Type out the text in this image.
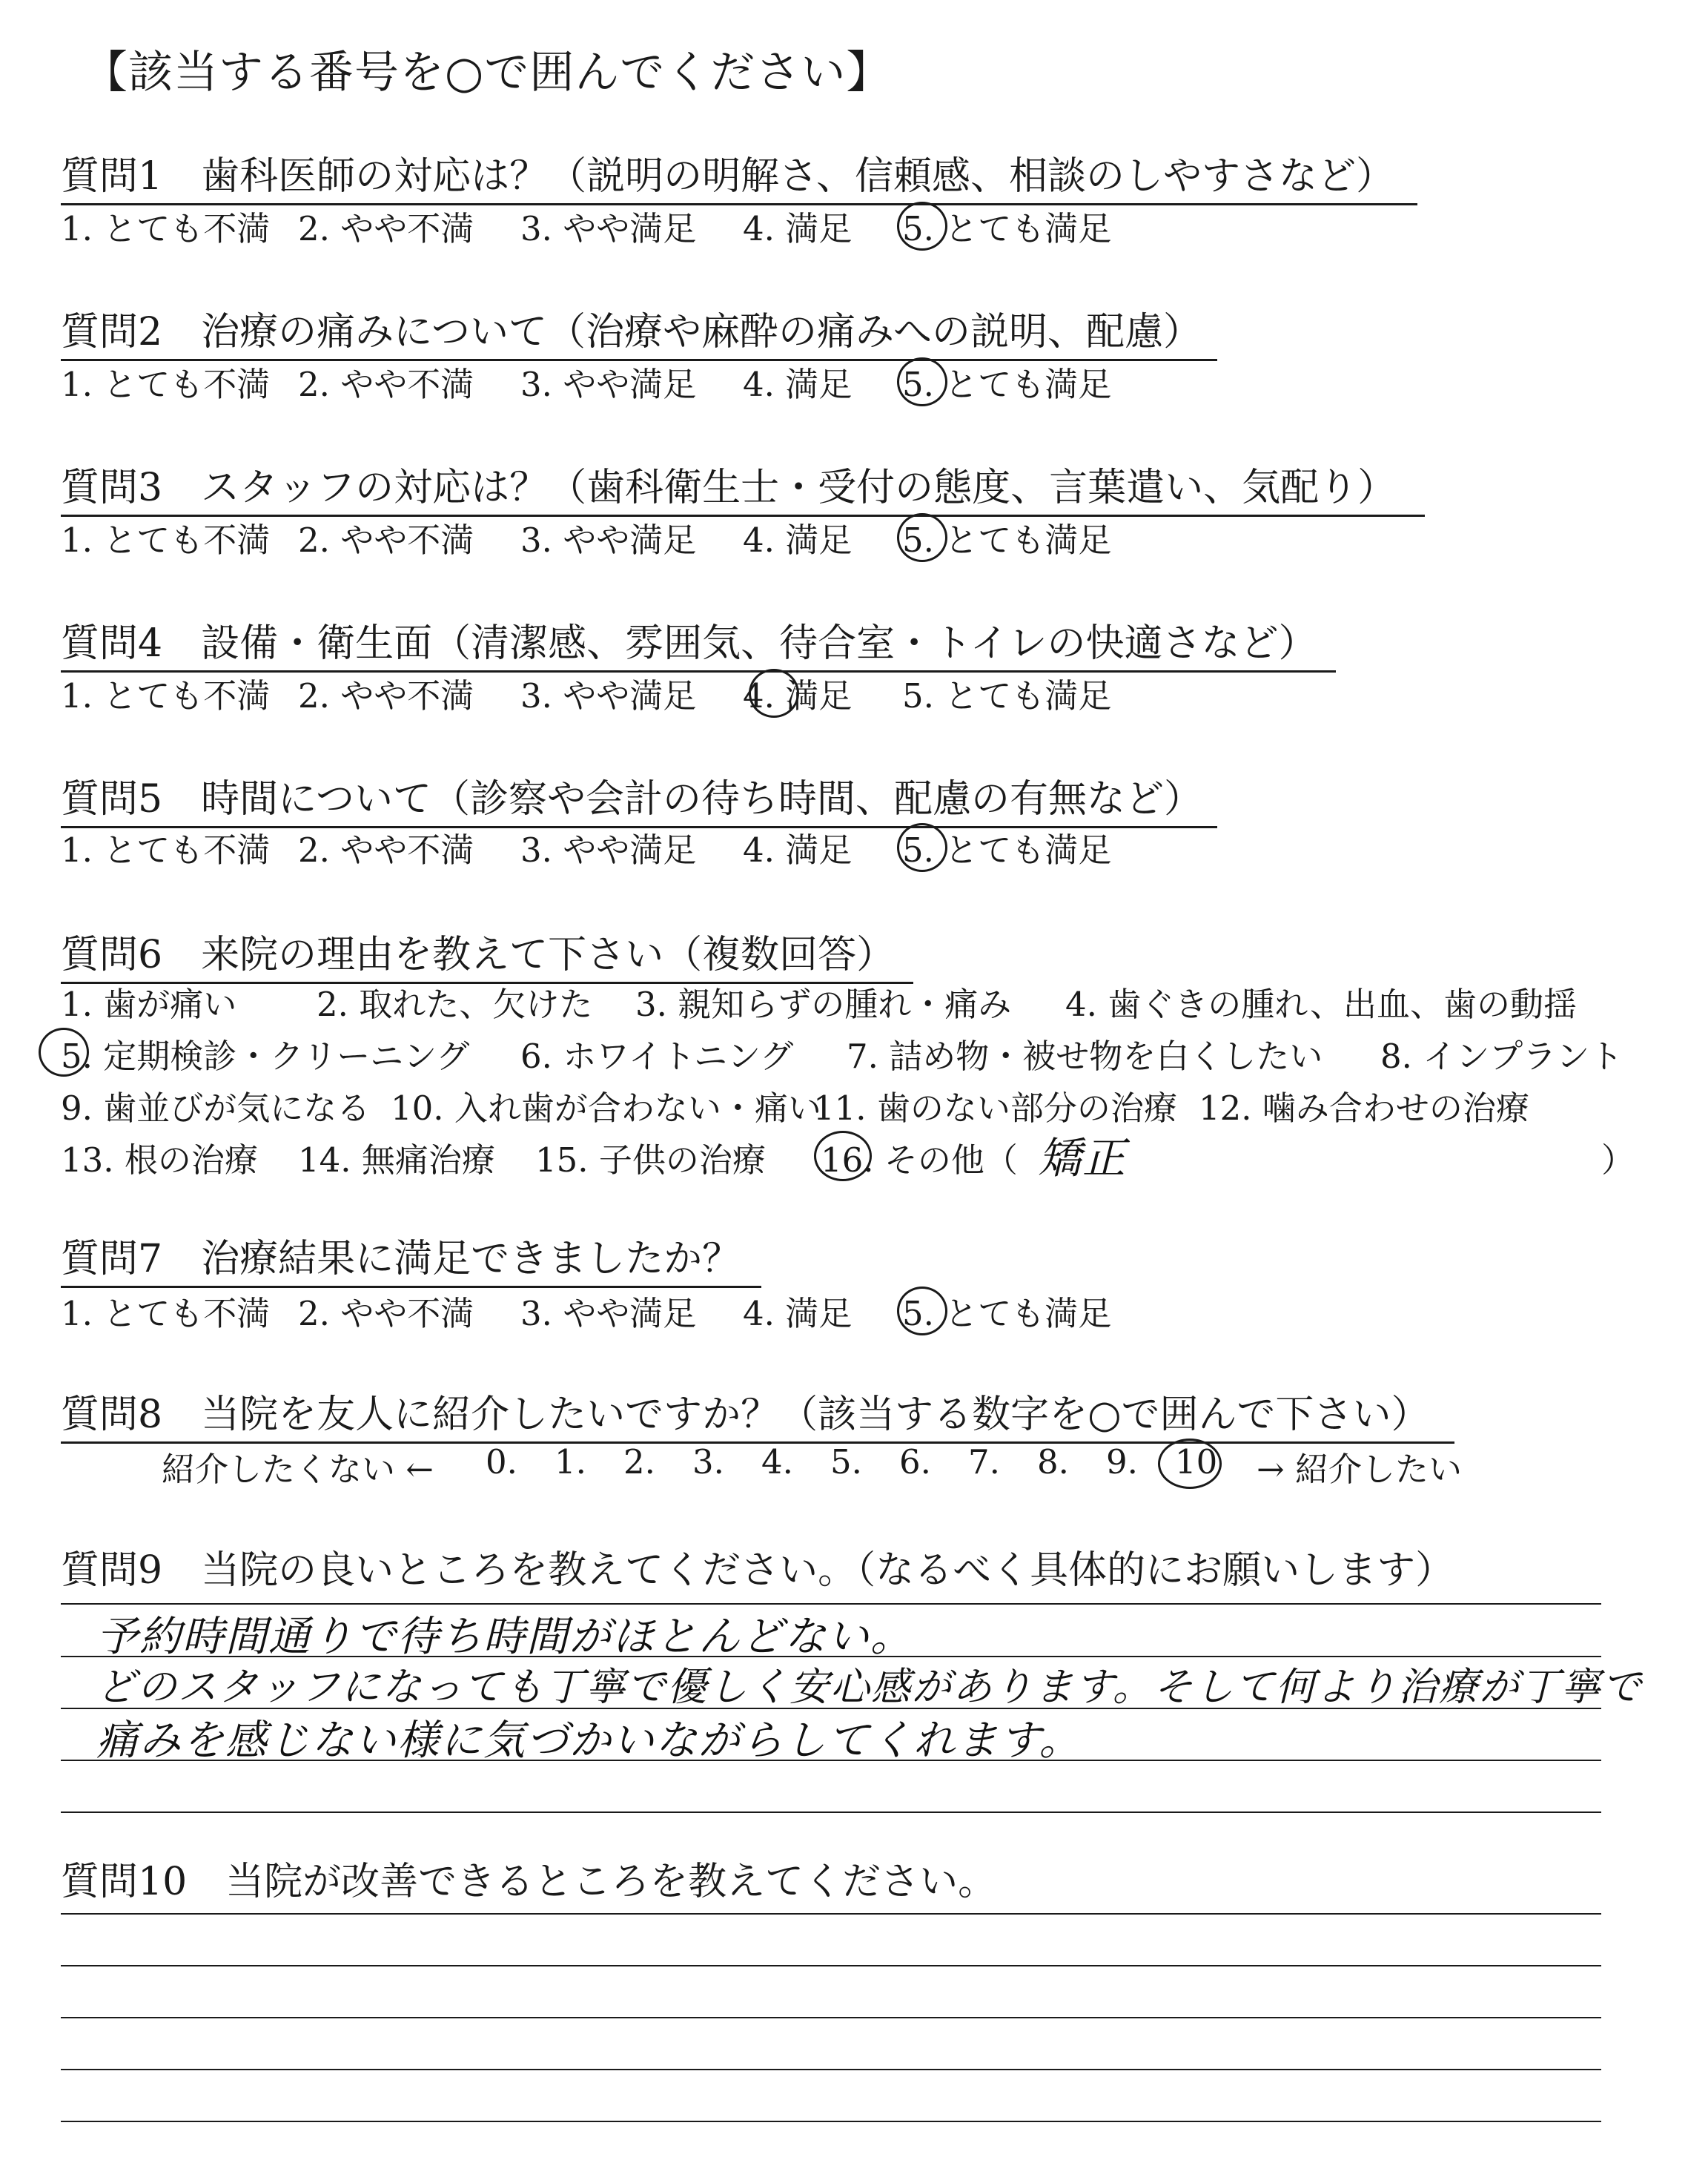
【該当する番号を○で囲んでください】
質問1　歯科医師の対応は？（説明の明解さ、信頼感、相談のしやすさなど）
1. とても不満 2. やや不満 3. やや満足 4. 満足 5. とても満足
質問2　治療の痛みについて（治療や麻酔の痛みへの説明、配慮）
1. とても不満 2. やや不満 3. やや満足 4. 満足 5. とても満足
質問3　スタッフの対応は？（歯科衛生士・受付の態度、言葉遣い、気配り）
1. とても不満 2. やや不満 3. やや満足 4. 満足 5. とても満足
質問4　設備・衛生面（清潔感、雰囲気、待合室・トイレの快適さなど）
1. とても不満 2. やや不満 3. やや満足 4. 満足 5. とても満足
質問5　時間について（診察や会計の待ち時間、配慮の有無など）
1. とても不満 2. やや不満 3. やや満足 4. 満足 5. とても満足
質問6　来院の理由を教えて下さい（複数回答）
1. 歯が痛い 2. 取れた、欠けた 3. 親知らずの腫れ・痛み 4. 歯ぐきの腫れ、出血、歯の動揺
5. 定期検診・クリーニング 6. ホワイトニング 7. 詰め物・被せ物を白くしたい 8. インプラント
9. 歯並びが気になる 10. 入れ歯が合わない・痛い11. 歯のない部分の治療 12. 噛み合わせの治療
13. 根の治療 14. 無痛治療 15. 子供の治療 16. その他（ 矯正	）
質問7　治療結果に満足できましたか？
1. とても不満 2. やや不満 3. やや満足 4. 満足 5. とても満足
質問8　当院を友人に紹介したいですか？（該当する数字を○で囲んで下さい）
紹介したくない ← 0. 1. 2. 3. 4. 5. 6. 7. 8. 9. 10 → 紹介したい
質問9　当院の良いところを教えてください。（なるべく具体的にお願いします）
予約時間通りで待ち時間がほとんどない。
どのスタッフになっても丁寧で優しく安心感があります。そして何より治療が丁寧で
痛みを感じない様に気づかいながらしてくれます。
質問10　当院が改善できるところを教えてください。
